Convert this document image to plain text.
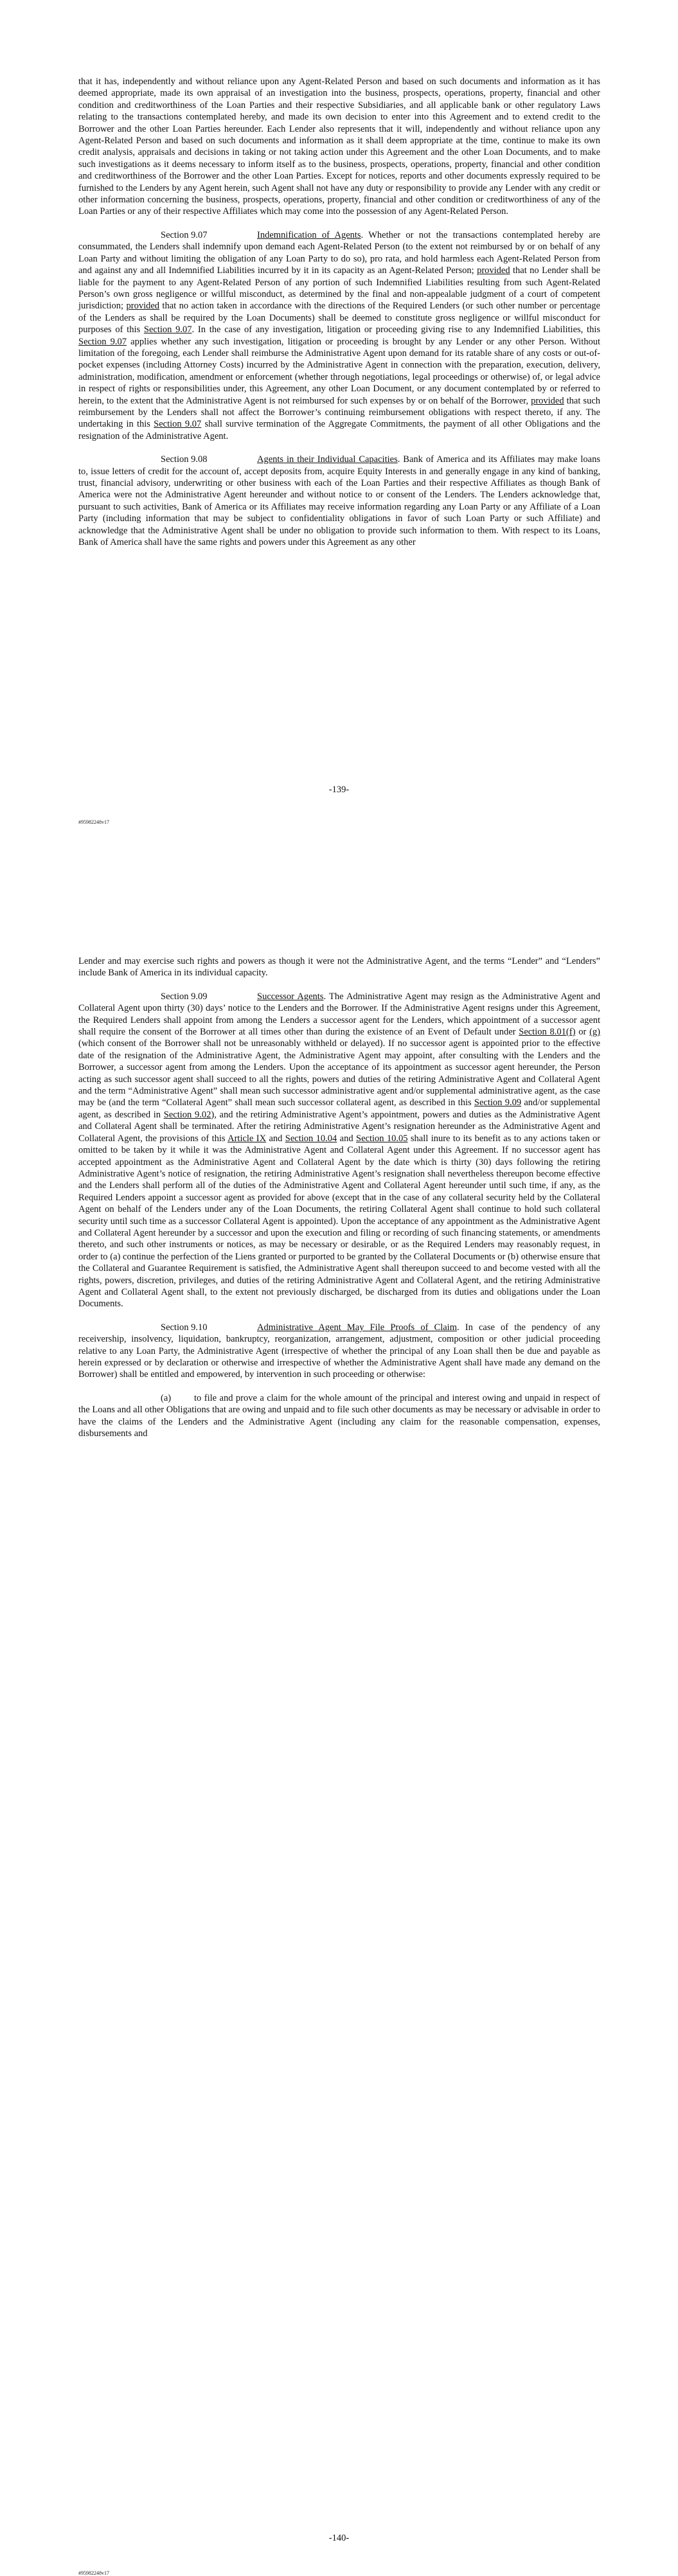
that it has, independently and without reliance upon any Agent-Related Person and based on such documents and information as it has deemed appropriate, made its own appraisal of an investigation into the business, prospects, operations, property, financial and other condition and creditworthiness of the Loan Parties and their respective Subsidiaries, and all applicable bank or other regulatory Laws relating to the transactions contemplated hereby, and made its own decision to enter into this Agreement and to extend credit to the Borrower and the other Loan Parties hereunder. Each Lender also represents that it will, independently and without reliance upon any Agent-Related Person and based on such documents and information as it shall deem appropriate at the time, continue to make its own credit analysis, appraisals and decisions in taking or not taking action under this Agreement and the other Loan Documents, and to make such investigations as it deems necessary to inform itself as to the business, prospects, operations, property, financial and other condition and creditworthiness of the Borrower and the other Loan Parties. Except for notices, reports and other documents expressly required to be furnished to the Lenders by any Agent herein, such Agent shall not have any duty or responsibility to provide any Lender with any credit or other information concerning the business, prospects, operations, property, financial and other condition or creditworthiness of any of the Loan Parties or any of their respective Affiliates which may come into the possession of any Agent-Related Person.

Section 9.07	Indemnification of Agents. Whether or not the transactions contemplated hereby are consummated, the Lenders shall indemnify upon demand each Agent-Related Person (to the extent not reimbursed by or on behalf of any Loan Party and without limiting the obligation of any Loan Party to do so), pro rata, and hold harmless each Agent-Related Person from and against any and all Indemnified Liabilities incurred by it in its capacity as an Agent-Related Person; provided that no Lender shall be liable for the payment to any Agent-Related Person of any portion of such Indemnified Liabilities resulting from such Agent-Related Person’s own gross negligence or willful misconduct, as determined by the final and non-appealable judgment of a court of competent jurisdiction; provided that no action taken in accordance with the directions of the Required Lenders (or such other number or percentage of the Lenders as shall be required by the Loan Documents) shall be deemed to constitute gross negligence or willful misconduct for purposes of this Section 9.07. In the case of any investigation, litigation or proceeding giving rise to any Indemnified Liabilities, this Section 9.07 applies whether any such investigation, litigation or proceeding is brought by any Lender or any other Person. Without limitation of the foregoing, each Lender shall reimburse the Administrative Agent upon demand for its ratable share of any costs or out-of-pocket expenses (including Attorney Costs) incurred by the Administrative Agent in connection with the preparation, execution, delivery, administration, modification, amendment or enforcement (whether through negotiations, legal proceedings or otherwise) of, or legal advice in respect of rights or responsibilities under, this Agreement, any other Loan Document, or any document contemplated by or referred to herein, to the extent that the Administrative Agent is not reimbursed for such expenses by or on behalf of the Borrower, provided that such reimbursement by the Lenders shall not affect the Borrower’s continuing reimbursement obligations with respect thereto, if any. The undertaking in this Section 9.07 shall survive termination of the Aggregate Commitments, the payment of all other Obligations and the resignation of the Administrative Agent.

Section 9.08	Agents in their Individual Capacities. Bank of America and its Affiliates may make loans to, issue letters of credit for the account of, accept deposits from, acquire Equity Interests in and generally engage in any kind of banking, trust, financial advisory, underwriting or other business with each of the Loan Parties and their respective Affiliates as though Bank of America were not the Administrative Agent hereunder and without notice to or consent of the Lenders. The Lenders acknowledge that, pursuant to such activities, Bank of America or its Affiliates may receive information regarding any Loan Party or any Affiliate of a Loan Party (including information that may be subject to confidentiality obligations in favor of such Loan Party or such Affiliate) and acknowledge that the Administrative Agent shall be under no obligation to provide such information to them. With respect to its Loans, Bank of America shall have the same rights and powers under this Agreement as any other

-139-
#95982248v17

Lender and may exercise such rights and powers as though it were not the Administrative Agent, and the terms “Lender” and “Lenders” include Bank of America in its individual capacity.

Section 9.09	Successor Agents. The Administrative Agent may resign as the Administrative Agent and Collateral Agent upon thirty (30) days’ notice to the Lenders and the Borrower. If the Administrative Agent resigns under this Agreement, the Required Lenders shall appoint from among the Lenders a successor agent for the Lenders, which appointment of a successor agent shall require the consent of the Borrower at all times other than during the existence of an Event of Default under Section 8.01(f) or (g) (which consent of the Borrower shall not be unreasonably withheld or delayed). If no successor agent is appointed prior to the effective date of the resignation of the Administrative Agent, the Administrative Agent may appoint, after consulting with the Lenders and the Borrower, a successor agent from among the Lenders. Upon the acceptance of its appointment as successor agent hereunder, the Person acting as such successor agent shall succeed to all the rights, powers and duties of the retiring Administrative Agent and Collateral Agent and the term “Administrative Agent” shall mean such successor administrative agent and/or supplemental administrative agent, as the case may be (and the term “Collateral Agent” shall mean such successor collateral agent, as described in this Section 9.09 and/or supplemental agent, as described in Section 9.02), and the retiring Administrative Agent’s appointment, powers and duties as the Administrative Agent and Collateral Agent shall be terminated. After the retiring Administrative Agent’s resignation hereunder as the Administrative Agent and Collateral Agent, the provisions of this Article IX and Section 10.04 and Section 10.05 shall inure to its benefit as to any actions taken or omitted to be taken by it while it was the Administrative Agent and Collateral Agent under this Agreement. If no successor agent has accepted appointment as the Administrative Agent and Collateral Agent by the date which is thirty (30) days following the retiring Administrative Agent’s notice of resignation, the retiring Administrative Agent’s resignation shall nevertheless thereupon become effective and the Lenders shall perform all of the duties of the Administrative Agent and Collateral Agent hereunder until such time, if any, as the Required Lenders appoint a successor agent as provided for above (except that in the case of any collateral security held by the Collateral Agent on behalf of the Lenders under any of the Loan Documents, the retiring Collateral Agent shall continue to hold such collateral security until such time as a successor Collateral Agent is appointed). Upon the acceptance of any appointment as the Administrative Agent and Collateral Agent hereunder by a successor and upon the execution and filing or recording of such financing statements, or amendments thereto, and such other instruments or notices, as may be necessary or desirable, or as the Required Lenders may reasonably request, in order to (a) continue the perfection of the Liens granted or purported to be granted by the Collateral Documents or (b) otherwise ensure that the Collateral and Guarantee Requirement is satisfied, the Administrative Agent shall thereupon succeed to and become vested with all the rights, powers, discretion, privileges, and duties of the retiring Administrative Agent and Collateral Agent, and the retiring Administrative Agent and Collateral Agent shall, to the extent not previously discharged, be discharged from its duties and obligations under the Loan Documents.

Section 9.10	Administrative Agent May File Proofs of Claim. In case of the pendency of any receivership, insolvency, liquidation, bankruptcy, reorganization, arrangement, adjustment, composition or other judicial proceeding relative to any Loan Party, the Administrative Agent (irrespective of whether the principal of any Loan shall then be due and payable as herein expressed or by declaration or otherwise and irrespective of whether the Administrative Agent shall have made any demand on the Borrower) shall be entitled and empowered, by intervention in such proceeding or otherwise:

(a) to file and prove a claim for the whole amount of the principal and interest owing and unpaid in respect of the Loans and all other Obligations that are owing and unpaid and to file such other documents as may be necessary or advisable in order to have the claims of the Lenders and the Administrative Agent (including any claim for the reasonable compensation, expenses, disbursements and

-140-
#95982248v17
